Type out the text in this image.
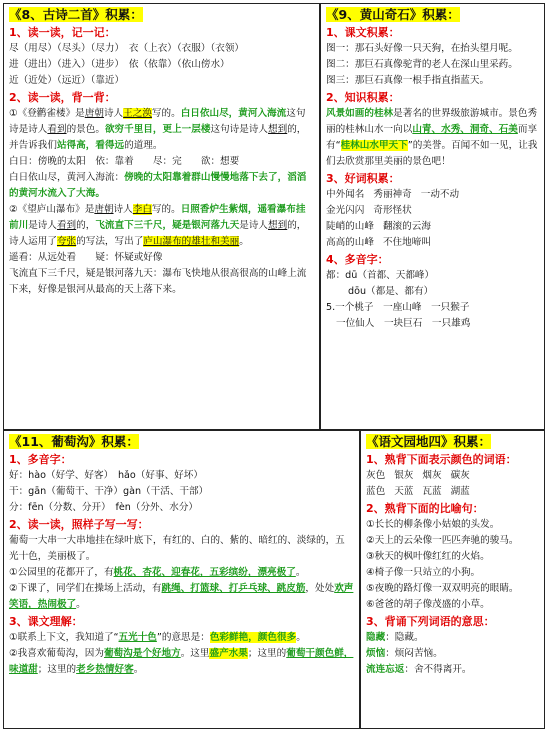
《8、古诗二首》积累：
1、读一读，记一记：
尽（用尽）（尽头）（尽力）　衣（上衣）（衣服）（衣领）
进（进出）（进入）（进步）　依（依靠）（依山傍水）
近（近处）（远近）（靠近）
2、读一读，背一背：
①《登鹳雀楼》是唐朝诗人王之涣写的。白日依山尽，黄河入海流这句诗是诗人看到的景色。欲穷千里目，更上一层楼这句诗是诗人想到的，并告诉我们站得高，看得远的道理。
白日：傍晚的太阳　依：靠着　　尽：完　　欲：想要
白日依山尽，黄河入海流：傍晚的太阳靠着群山慢慢地落下去了，滔滔的黄河水流入了大海。
②《望庐山瀑布》是唐朝诗人李白写的。日照香炉生紫烟，遥看瀑布挂前川是诗人看到的，飞流直下三千尺，疑是银河落九天是诗人想到的，诗人运用了夸张的写法，写出了庐山瀑布的雄壮和美丽。
遥看：从远处看　　疑：怀疑或好像
飞流直下三千尺，疑是银河落九天：瀑布飞快地从很高很高的山峰上流下来，好像是银河从最高的天上落下来。
《9、黄山奇石》积累：
1、课文积累：
图一：那石头好像一只天狗，在抬头望月呢。
图二：那巨石真像驼背的老人在深山里采药。
图三：那巨石真像一根手指直指蓝天。
2、知识积累：
风景如画的桂林是著名的世界级旅游城市。景色秀丽的桂林山水一向以山青、水秀、洞奇、石美而享有“桂林山水甲天下”的美誉。百闻不如一见，让我们去欣赏那里美丽的景色吧！
3、好词积累：
中外闻名 秀丽神奇 一动不动
金光闪闪 奇形怪状
陡峭的山峰 翻滚的云海
高高的山峰 不住地啼叫
4、多音字：
都：dū（首都、天都峰）
dōu（都是、都有）
5.一个桃子　一座山峰　一只猴子
一位仙人　一块巨石　一只雄鸡
《11、葡萄沟》积累：
1、多音字：
好：hào（好学、好客）　hǎo（好事、好坏）
干：gān（葡萄干、干净）gàn（干活、干部）
分：fēn（分数、分开）　fèn（分外、水分）
2、读一读，照样子写一写：
葡萄一大串一大串地挂在绿叶底下，有红的、白的、紫的、暗红的、淡绿的，五光十色，美丽极了。
①公园里的花都开了，有桃花、杏花、迎春花，五彩缤纷，漂亮极了。
②下课了，同学们在操场上活动，有跳绳、打篮球、打乒乓球、跳皮筋，处处欢声笑语，热闹极了。
3、课文理解：
①联系上下文，我知道了“五光十色”的意思是：色彩鲜艳，颜色很多。
②我喜欢葡萄沟，因为葡萄沟是个好地方。这里盛产水果；这里的葡萄干颜色鲜，味道甜；这里的老乡热情好客。
《语文园地四》积累：
1、熟背下面表示颜色的词语：
灰色 银灰 烟灰 碳灰
蓝色 天蓝 瓦蓝 湖蓝
2、熟背下面的比喻句：
①长长的柳条像小姑娘的头发。
②天上的云朵像一匹匹奔驰的骏马。
③秋天的枫叶像红红的火焰。
④椅子像一只站立的小狗。
⑤夜晚的路灯像一双双明亮的眼睛。
⑥爸爸的胡子像茂盛的小草。
3、背诵下列词语的意思：
隐藏：隐藏。
烦恼：烦闷苦恼。
流连忘返：舍不得离开。
